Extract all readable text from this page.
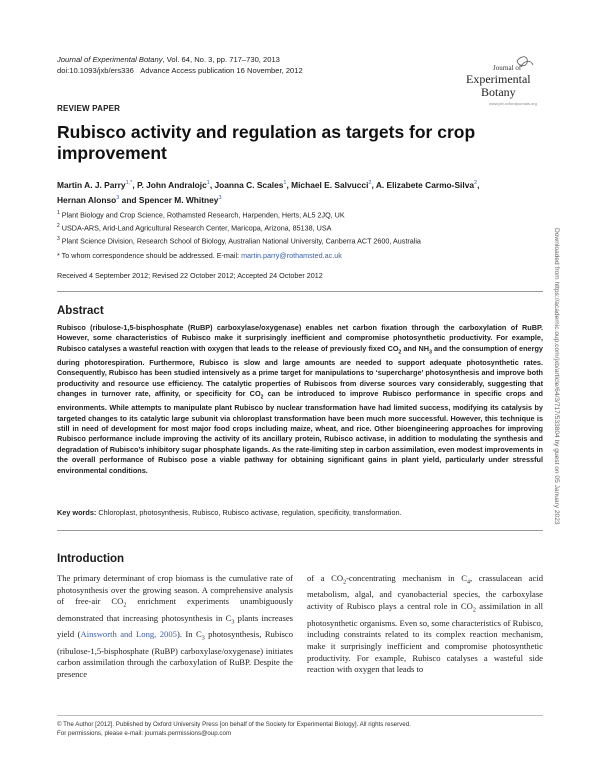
Journal of Experimental Botany, Vol. 64, No. 3, pp. 717–730, 2013
doi:10.1093/jxb/ers336 Advance Access publication 16 November, 2012	Journal of
Experimental
Botany
www.jxb.oxfordjournals.org
REVIEW PAPER
Rubisco activity and regulation as targets for crop improvement
Martin A. J. Parry$^{1,*}$, P. John Andralojc$^1$, Joanna C. Scales$^1$, Michael E. Salvucci$^2$, A. Elizabete Carmo-Silva$^2$,
Hernan Alonso$^3$ and Spencer M. Whitney$^3$
$^1$ Plant Biology and Crop Science, Rothamsted Research, Harpenden, Herts, AL5 2JQ, UK
$^2$ USDA-ARS, Arid-Land Agricultural Research Center, Maricopa, Arizona, 85138, USA
$^3$ Plant Science Division, Research School of Biology, Australian National University, Canberra ACT 2600, Australia
* To whom correspondence should be addressed. E-mail: martin.parry@rothamsted.ac.uk
Received 4 September 2012; Revised 22 October 2012; Accepted 24 October 2012
Abstract
Rubisco (ribulose-1,5-bisphosphate (RuBP) carboxylase/oxygenase) enables net carbon fixation through the carboxylation of RuBP. However, some characteristics of Rubisco make it surprisingly inefficient and compromise photosynthetic productivity. For example, Rubisco catalyses a wasteful reaction with oxygen that leads to the release of previously fixed $CO_2$ and $NH_3$ and the consumption of energy during photorespiration. Furthermore, Rubisco is slow and large amounts are needed to support adequate photosynthetic rates. Consequently, Rubisco has been studied intensively as a prime target for manipulations to ‘supercharge’ photosynthesis and improve both productivity and resource use efficiency. The catalytic properties of Rubiscos from diverse sources vary considerably, suggesting that changes in turnover rate, affinity, or specificity for $CO_2$ can be introduced to improve Rubisco performance in specific crops and environments. While attempts to manipulate plant Rubisco by nuclear transformation have had limited success, modifying its catalysis by targeted changes to its catalytic large subunit via chloroplast transformation have been much more successful. However, this technique is still in need of development for most major food crops including maize, wheat, and rice. Other bioengineering approaches for improving Rubisco performance include improving the activity of its ancillary protein, Rubisco activase, in addition to modulating the synthesis and degradation of Rubisco’s inhibitory sugar phosphate ligands. As the rate-limiting step in carbon assimilation, even modest improvements in the overall performance of Rubisco pose a viable pathway for obtaining significant gains in plant yield, particularly under stressful environmental conditions.
Key words: Chloroplast, photosynthesis, Rubisco, Rubisco activase, regulation, specificity, transformation.
Introduction
The primary determinant of crop biomass is the cumulative rate of photosynthesis over the growing season. A comprehensive analysis of free-air $CO_2$ enrichment experiments unambiguously demonstrated that increasing photosynthesis in $C_3$ plants increases yield (Ainsworth and Long, 2005). In $C_3$ photosynthesis, Rubisco (ribulose-1,5-bisphosphate (RuBP) carboxylase/oxygenase) initiates carbon assimilation through the carboxylation of RuBP. Despite the presence
of a $CO_2$-concentrating mechanism in $C_4$, crassulacean acid metabolism, algal, and cyanobacterial species, the carboxylase activity of Rubisco plays a central role in $CO_2$ assimilation in all photosynthetic organisms. Even so, some characteristics of Rubisco, including constraints related to its complex reaction mechanism, make it surprisingly inefficient and compromise photosynthetic productivity. For example, Rubisco catalyses a wasteful side reaction with oxygen that leads to
© The Author [2012]. Published by Oxford University Press [on behalf of the Society for Experimental Biology]. All rights reserved.
For permissions, please e-mail: journals.permissions@oup.com
Downloaded from https://academic.oup.com/jxb/article/64/3/717/533804 by guest on 05 January 2023
